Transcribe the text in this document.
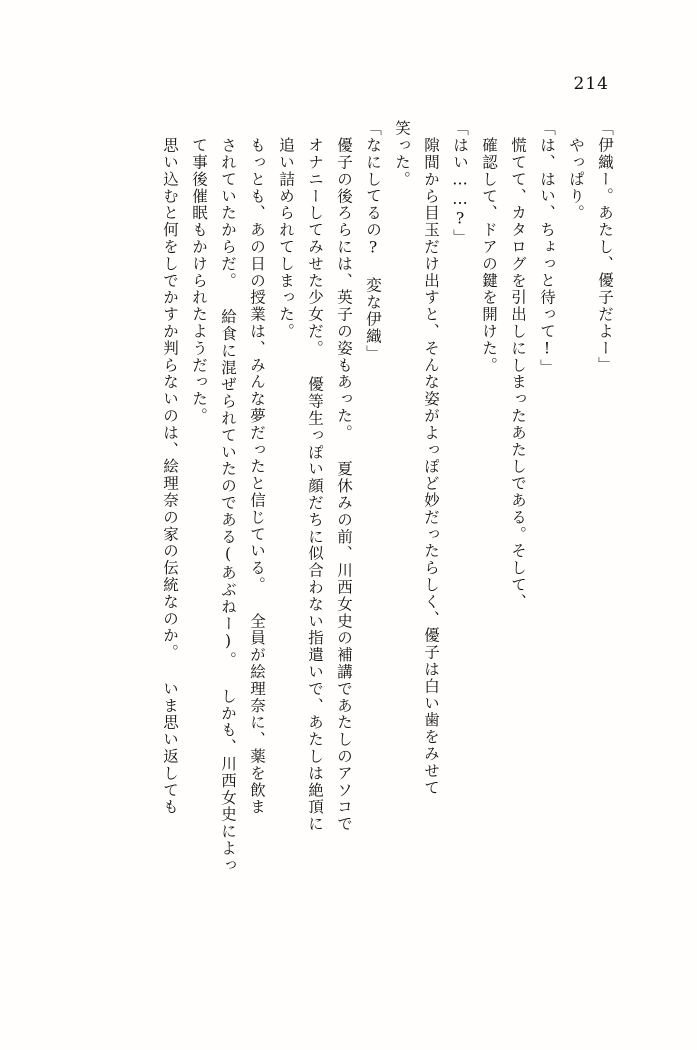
214
「伊織ー。あたし、優子だよー」
やっぱり。
「は、はい、ちょっと待って!」
慌てて、カタログを引出しにしまったあたしである。そして、
確認して、ドアの鍵を開けた。
「はい……?」
隙間から目玉だけ出すと、そんな姿がよっぽど妙だったらしく、優子は白い歯をみせて
笑った。
「なにしてるの? 変な伊織」
優子の後ろらには、英子の姿もあった。 夏休みの前、川西女史の補講であたしのアソコで
オナニーしてみせた少女だ。 優等生っぽい顔だちに似合わない指遣いで、あたしは絶頂に
追い詰められてしまった。
もっとも、あの日の授業は、みんな夢だったと信じている。 全員が絵理奈に、薬を飲ま
されていたからだ。 給食に混ぜられていたのである(あぶねー)。 しかも、川西女史によっ
て事後催眠もかけられたようだった。
思い込むと何をしでかすか判らないのは、絵理奈の家の伝統なのか。 いま思い返しても
